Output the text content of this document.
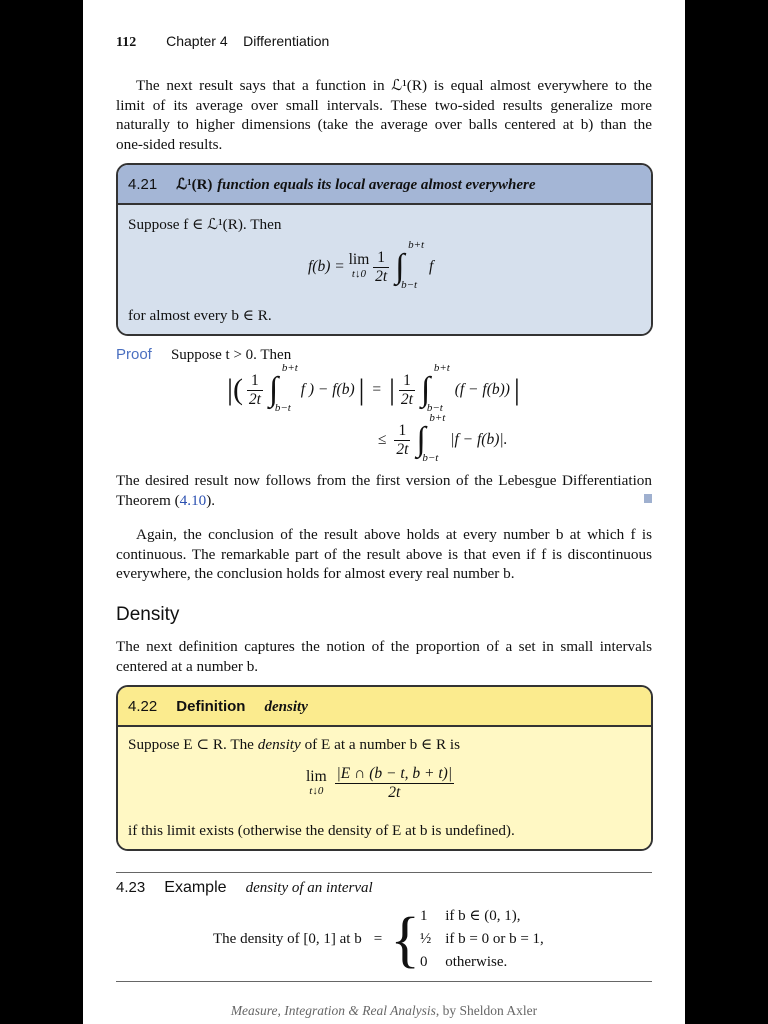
112 Chapter 4 Differentiation
The next result says that a function in ℒ¹(R) is equal almost everywhere to the
limit of its average over small intervals. These two-sided results generalize more
naturally to higher dimensions (take the average over balls centered at b) than the
one-sided results.
4.21 ℒ¹(R) function equals its local average almost everywhere
Suppose f ∈ ℒ¹(R). Then
f(b) = lim
t↓0
$\frac{1}{2t}$
∫
b+t
b−t
f
for almost every b ∈ R.
Proof Suppose t > 0. Then
|( $\frac{1}{2t}$
∫
b+t
b−t
f ) − f(b) | = | $\frac{1}{2t}$
∫
b+t
b−t
(f − f(b)) |
≤ $\frac{1}{2t}$
∫
b+t
b−t
|f − f(b)|.
The desired result now follows from the first version of the Lebesgue Differentiation
Theorem (4.10).
Again, the conclusion of the result above holds at every number b at which f is
continuous. The remarkable part of the result above is that even if f is discontinuous
everywhere, the conclusion holds for almost every real number b.
Density
The next definition captures the notion of the proportion of a set in small intervals
centered at a number b.
4.22 Definition density
Suppose E ⊂ R. The density of E at a number b ∈ R is
lim
t↓0
$\frac{|E \cap (b - t, b + t)|}{2t}$
if this limit exists (otherwise the density of E at b is undefined).
4.23 Example density of an interval
The density of [0, 1] at b = { 1	if b ∈ (0, 1),
½	if b = 0 or b = 1,
0	otherwise.
Measure, Integration & Real Analysis, by Sheldon Axler
